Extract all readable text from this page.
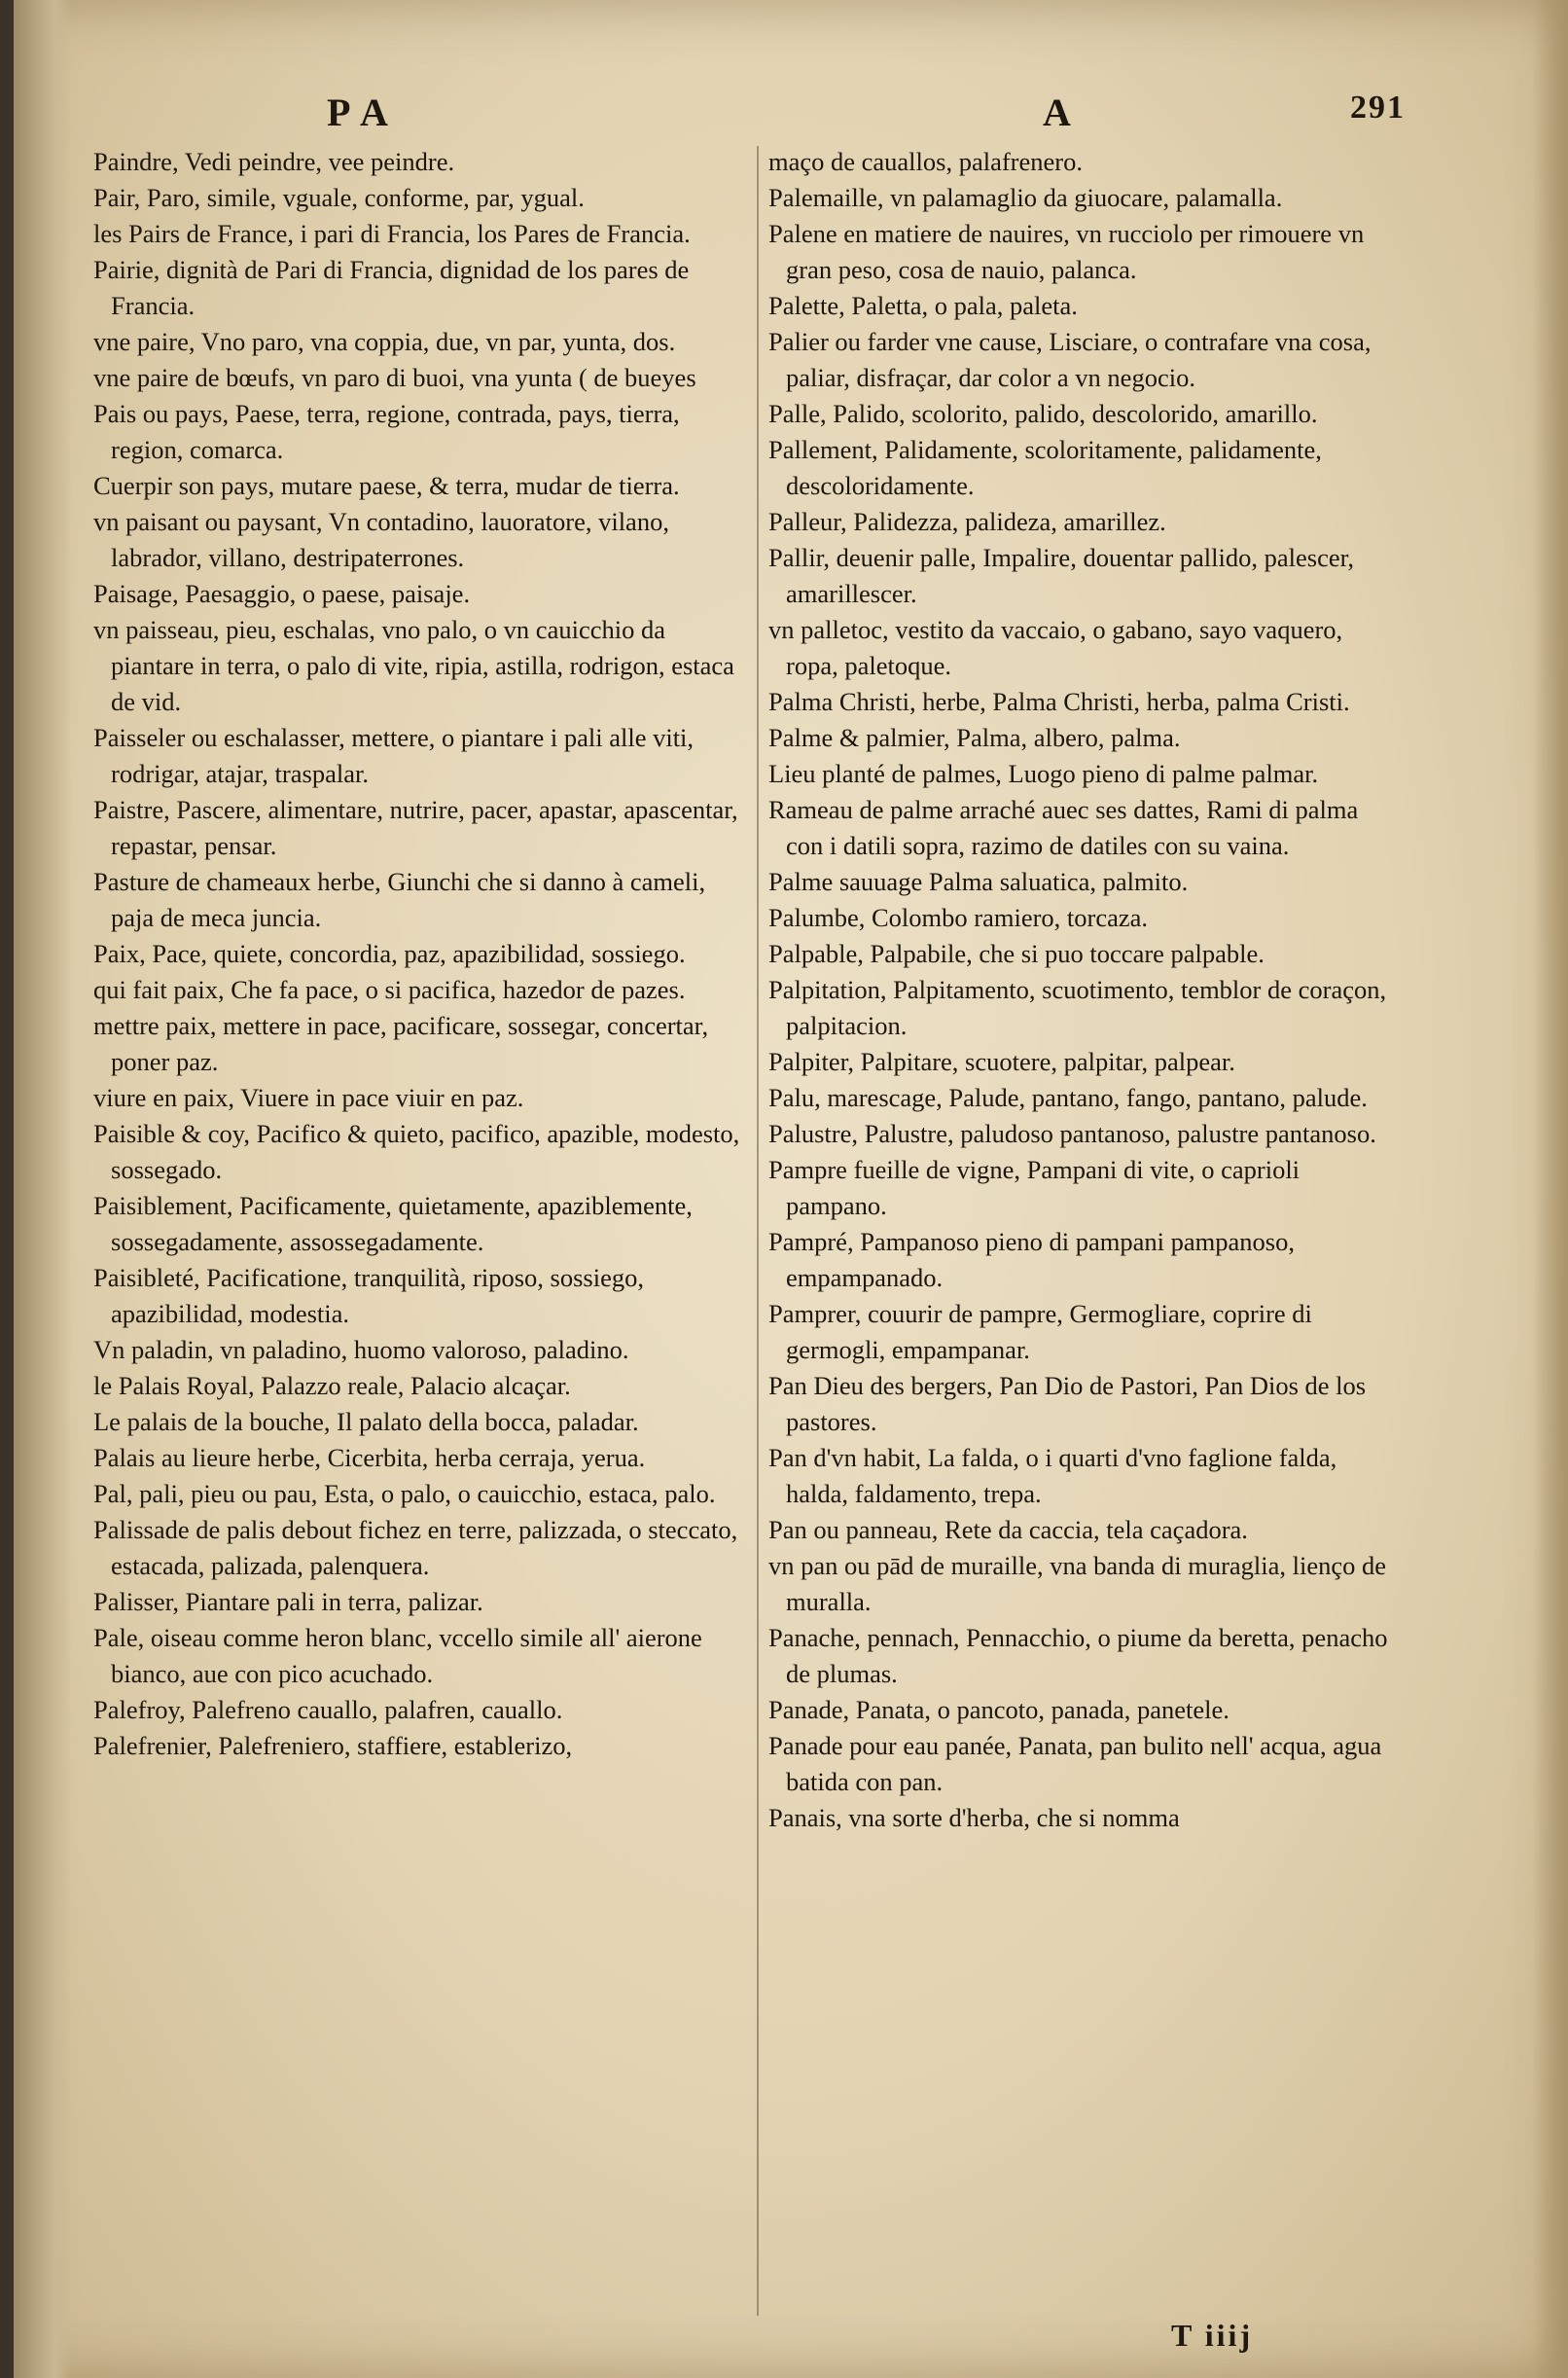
P A	A	291

Paindre, Vedi peindre, vee peindre.

Pair, Paro, simile, vguale, conforme, par, ygual.

les Pairs de France, i pari di Francia, los Pares de Francia.

Pairie, dignità de Pari di Francia, dignidad de los pares de Francia.

vne paire, Vno paro, vna coppia, due, vn par, yunta, dos.

vne paire de bœufs, vn paro di buoi, vna yunta ( de bueyes

Pais ou pays, Paese, terra, regione, contrada, pays, tierra, region, comarca.

Cuerpir son pays, mutare paese, & terra, mudar de tierra.

vn paisant ou paysant, Vn contadino, lauoratore, vilano, labrador, villano, destripaterrones.

Paisage, Paesaggio, o paese, paisaje.

vn paisseau, pieu, eschalas, vno palo, o vn cauicchio da piantare in terra, o palo di vite, ripia, astilla, rodrigon, estaca de vid.

Paisseler ou eschalasser, mettere, o piantare i pali alle viti, rodrigar, atajar, traspalar.

Paistre, Pascere, alimentare, nutrire, pacer, apastar, apascentar, repastar, pensar.

Pasture de chameaux herbe, Giunchi che si danno à cameli, paja de meca juncia.

Paix, Pace, quiete, concordia, paz, apazibilidad, sossiego.

qui fait paix, Che fa pace, o si pacifica, hazedor de pazes.

mettre paix, mettere in pace, pacificare, sossegar, concertar, poner paz.

viure en paix, Viuere in pace viuir en paz.

Paisible & coy, Pacifico & quieto, pacifico, apazible, modesto, sossegado.

Paisiblement, Pacificamente, quietamente, apaziblemente, sossegadamente, assossegadamente.

Paisibleté, Pacificatione, tranquilità, riposo, sossiego, apazibilidad, modestia.

Vn paladin, vn paladino, huomo valoroso, paladino.

le Palais Royal, Palazzo reale, Palacio alcaçar.

Le palais de la bouche, Il palato della bocca, paladar.

Palais au lieure herbe, Cicerbita, herba cerraja, yerua.

Pal, pali, pieu ou pau, Esta, o palo, o cauicchio, estaca, palo.

Palissade de palis debout fichez en terre, palizzada, o steccato, estacada, palizada, palenquera.

Palisser, Piantare pali in terra, palizar.

Pale, oiseau comme heron blanc, vccello simile all' aierone bianco, aue con pico acuchado.

Palefroy, Palefreno cauallo, palafren, cauallo.

Palefrenier, Palefreniero, staffiere, establerizo,

maço de cauallos, palafrenero.

Palemaille, vn palamaglio da giuocare, palamalla.

Palene en matiere de nauires, vn rucciolo per rimouere vn gran peso, cosa de nauio, palanca.

Palette, Paletta, o pala, paleta.

Palier ou farder vne cause, Lisciare, o contrafare vna cosa, paliar, disfraçar, dar color a vn negocio.

Palle, Palido, scolorito, palido, descolorido, amarillo.

Pallement, Palidamente, scoloritamente, palidamente, descoloridamente.

Palleur, Palidezza, palideza, amarillez.

Pallir, deuenir palle, Impalire, douentar pallido, palescer, amarillescer.

vn palletoc, vestito da vaccaio, o gabano, sayo vaquero, ropa, paletoque.

Palma Christi, herbe, Palma Christi, herba, palma Cristi.

Palme & palmier, Palma, albero, palma.

Lieu planté de palmes, Luogo pieno di palme palmar.

Rameau de palme arraché auec ses dattes, Rami di palma con i datili sopra, razimo de datiles con su vaina.

Palme sauuage Palma saluatica, palmito.

Palumbe, Colombo ramiero, torcaza.

Palpable, Palpabile, che si puo toccare palpable.

Palpitation, Palpitamento, scuotimento, temblor de coraçon, palpitacion.

Palpiter, Palpitare, scuotere, palpitar, palpear.

Palu, marescage, Palude, pantano, fango, pantano, palude.

Palustre, Palustre, paludoso pantanoso, palustre pantanoso.

Pampre fueille de vigne, Pampani di vite, o caprioli pampano.

Pampré, Pampanoso pieno di pampani pampanoso, empampanado.

Pamprer, couurir de pampre, Germogliare, coprire di germogli, empampanar.

Pan Dieu des bergers, Pan Dio de Pastori, Pan Dios de los pastores.

Pan d'vn habit, La falda, o i quarti d'vno faglione falda, halda, faldamento, trepa.

Pan ou panneau, Rete da caccia, tela caçadora.

vn pan ou pād de muraille, vna banda di muraglia, lienço de muralla.

Panache, pennach, Pennacchio, o piume da beretta, penacho de plumas.

Panade, Panata, o pancoto, panada, panetele.

Panade pour eau panée, Panata, pan bulito nell' acqua, agua batida con pan.

Panais, vna sorte d'herba, che si nomma

T iiij
